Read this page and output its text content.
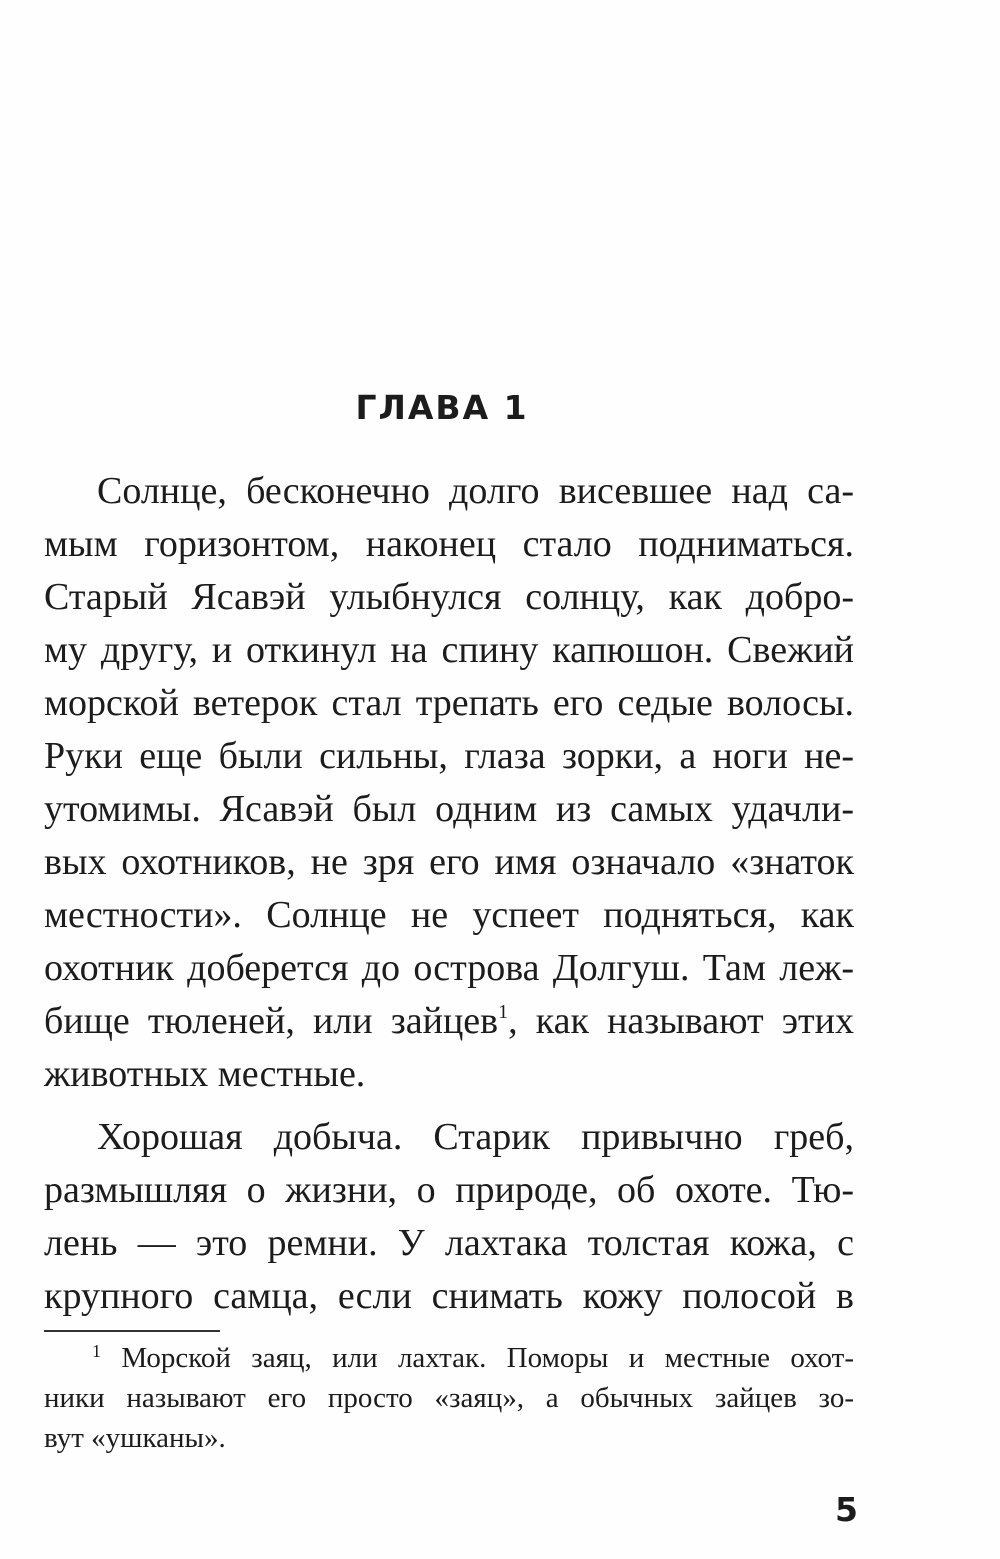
ГЛАВА 1
Солнце, бесконечно долго висевшее над са-
мым горизонтом, наконец стало подниматься.
Старый Ясавэй улыбнулся солнцу, как добро-
му другу, и откинул на спину капюшон. Свежий
морской ветерок стал трепать его седые волосы.
Руки еще были сильны, глаза зорки, а ноги не-
утомимы. Ясавэй был одним из самых удачли-
вых охотников, не зря его имя означало «знаток
местности». Солнце не успеет подняться, как
охотник доберется до острова Долгуш. Там леж-
бище тюленей, или зайцев$^1$, как называют этих
животных местные.
Хорошая добыча. Старик привычно греб,
размышляя о жизни, о природе, об охоте. Тю-
лень — это ремни. У лахтака толстая кожа, с
крупного самца, если снимать кожу полосой в
$^1$ Морской заяц, или лахтак. Поморы и местные охот-
ники называют его просто «заяц», а обычных зайцев зо-
вут «ушканы».
5
